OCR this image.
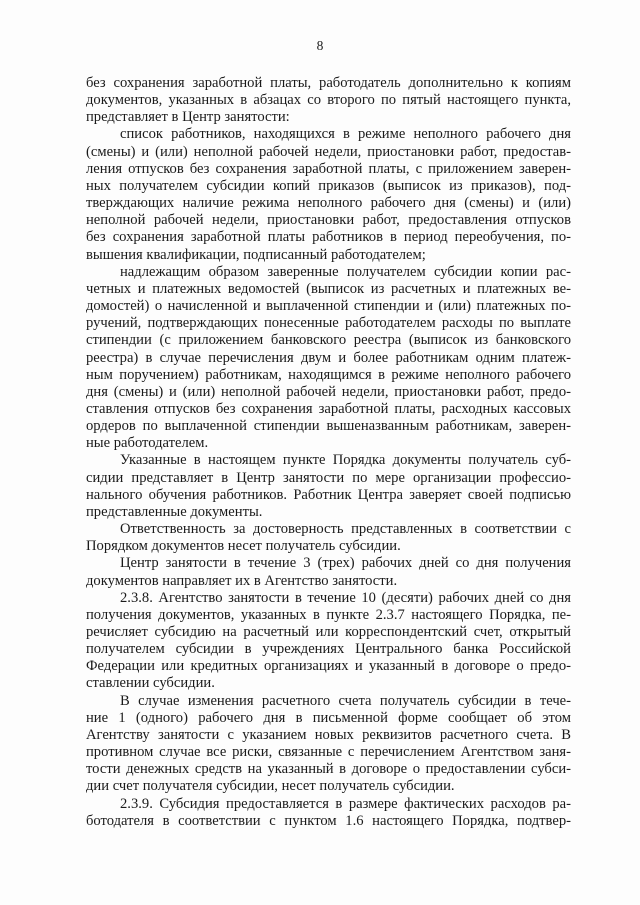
8
без сохранения заработной платы, работодатель дополнительно к копиям
документов, указанных в абзацах со второго по пятый настоящего пункта,
представляет в Центр занятости:
список работников, находящихся в режиме неполного рабочего дня
(смены) и (или) неполной рабочей недели, приостановки работ, предостав-
ления отпусков без сохранения заработной платы, с приложением заверен-
ных получателем субсидии копий приказов (выписок из приказов), под-
тверждающих наличие режима неполного рабочего дня (смены) и (или)
неполной рабочей недели, приостановки работ, предоставления отпусков
без сохранения заработной платы работников в период переобучения, по-
вышения квалификации, подписанный работодателем;
надлежащим образом заверенные получателем субсидии копии рас-
четных и платежных ведомостей (выписок из расчетных и платежных ве-
домостей) о начисленной и выплаченной стипендии и (или) платежных по-
ручений, подтверждающих понесенные работодателем расходы по выплате
стипендии (с приложением банковского реестра (выписок из банковского
реестра) в случае перечисления двум и более работникам одним платеж-
ным поручением) работникам, находящимся в режиме неполного рабочего
дня (смены) и (или) неполной рабочей недели, приостановки работ, предо-
ставления отпусков без сохранения заработной платы, расходных кассовых
ордеров по выплаченной стипендии вышеназванным работникам, заверен-
ные работодателем.
Указанные в настоящем пункте Порядка документы получатель суб-
сидии представляет в Центр занятости по мере организации профессио-
нального обучения работников. Работник Центра заверяет своей подписью
представленные документы.
Ответственность за достоверность представленных в соответствии с
Порядком документов несет получатель субсидии.
Центр занятости в течение 3 (трех) рабочих дней со дня получения
документов направляет их в Агентство занятости.
2.3.8. Агентство занятости в течение 10 (десяти) рабочих дней со дня
получения документов, указанных в пункте 2.3.7 настоящего Порядка, пе-
речисляет субсидию на расчетный или корреспондентский счет, открытый
получателем субсидии в учреждениях Центрального банка Российской
Федерации или кредитных организациях и указанный в договоре о предо-
ставлении субсидии.
В случае изменения расчетного счета получатель субсидии в тече-
ние 1 (одного) рабочего дня в письменной форме сообщает об этом
Агентству занятости с указанием новых реквизитов расчетного счета. В
противном случае все риски, связанные с перечислением Агентством заня-
тости денежных средств на указанный в договоре о предоставлении субси-
дии счет получателя субсидии, несет получатель субсидии.
2.3.9. Субсидия предоставляется в размере фактических расходов ра-
ботодателя в соответствии с пунктом 1.6 настоящего Порядка, подтвер-
